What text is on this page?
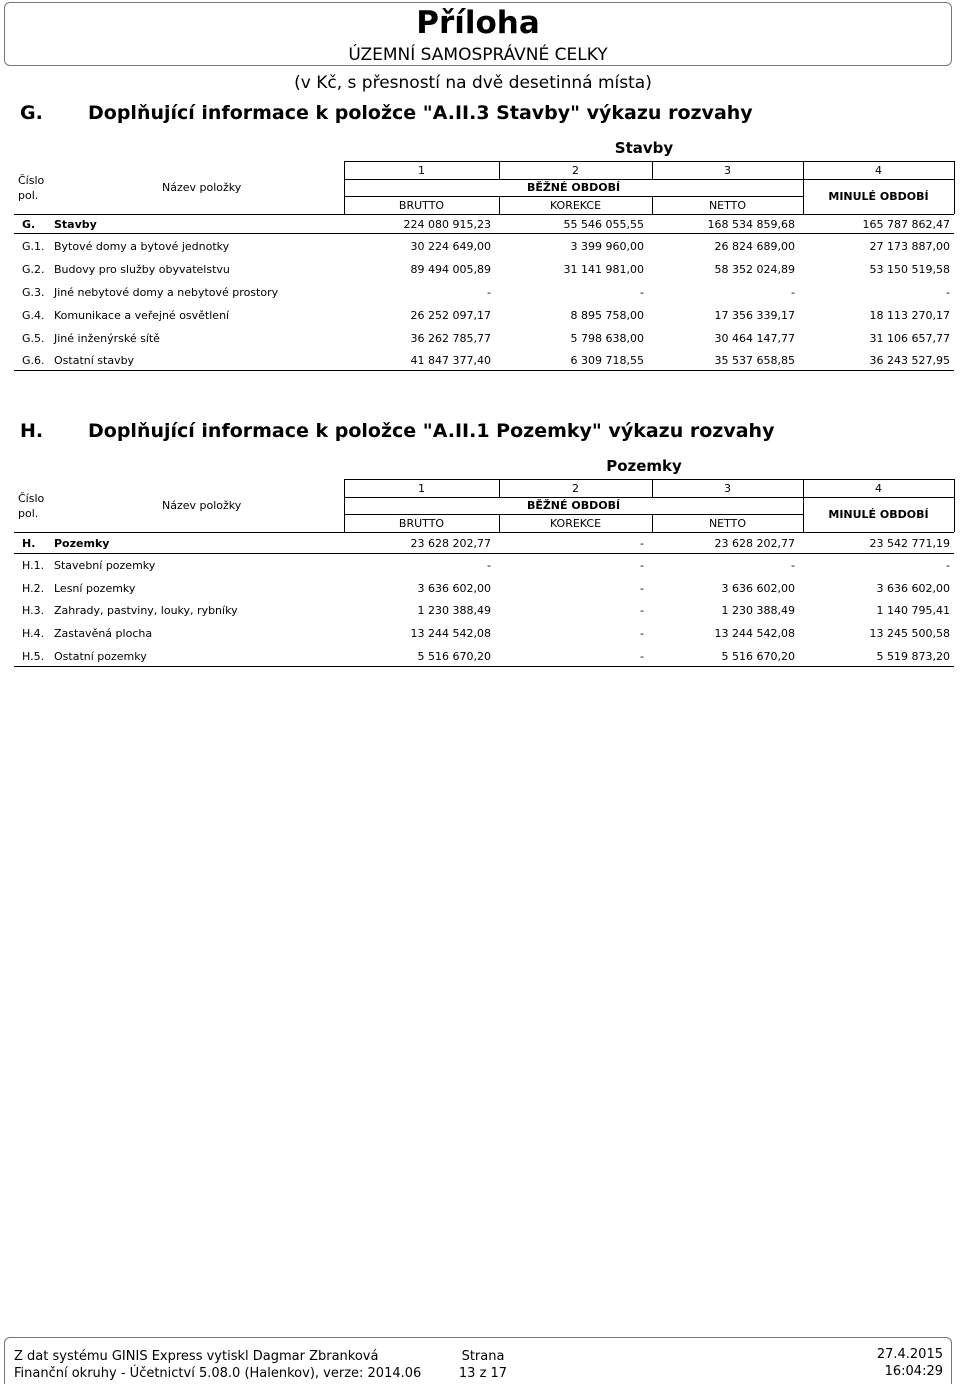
Příloha
ÚZEMNÍ SAMOSPRÁVNÉ CELKY
(v Kč, s přesností na dvě desetinná místa)
G. Doplňující informace k položce "A.II.3 Stavby" výkazu rozvahy
Stavby
Číslo
pol.
Název položky
1	2	3	4
BĚŽNÉ OBDOBÍ
MINULÉ OBDOBÍ
BRUTTO	KOREKCE	NETTO
G. Stavby	224 080 915,23	55 546 055,55	168 534 859,68	165 787 862,47
G.1. Bytové domy a bytové jednotky	30 224 649,00	3 399 960,00	26 824 689,00	27 173 887,00
G.2. Budovy pro služby obyvatelstvu	89 494 005,89	31 141 981,00	58 352 024,89	53 150 519,58
G.3. Jiné nebytové domy a nebytové prostory	-	-	-	-
G.4. Komunikace a veřejné osvětlení	26 252 097,17	8 895 758,00	17 356 339,17	18 113 270,17
G.5. Jiné inženýrské sítě	36 262 785,77	5 798 638,00	30 464 147,77	31 106 657,77
G.6. Ostatní stavby	41 847 377,40	6 309 718,55	35 537 658,85	36 243 527,95
H. Doplňující informace k položce "A.II.1 Pozemky" výkazu rozvahy
Pozemky
Číslo
pol.
Název položky
1	2	3	4
BĚŽNÉ OBDOBÍ
MINULÉ OBDOBÍ
BRUTTO	KOREKCE	NETTO
H. Pozemky	23 628 202,77	-	23 628 202,77	23 542 771,19
H.1. Stavební pozemky	-	-	-	-
H.2. Lesní pozemky	3 636 602,00	-	3 636 602,00	3 636 602,00
H.3. Zahrady, pastviny, louky, rybníky	1 230 388,49	-	1 230 388,49	1 140 795,41
H.4. Zastavěná plocha	13 244 542,08	-	13 244 542,08	13 245 500,58
H.5. Ostatní pozemky	5 516 670,20	-	5 516 670,20	5 519 873,20
Z dat systému GINIS Express vytiskl Dagmar Zbranková
Finanční okruhy - Účetnictví 5.08.0 (Halenkov), verze: 2014.06
Strana
13 z 17
27.4.2015
16:04:29
